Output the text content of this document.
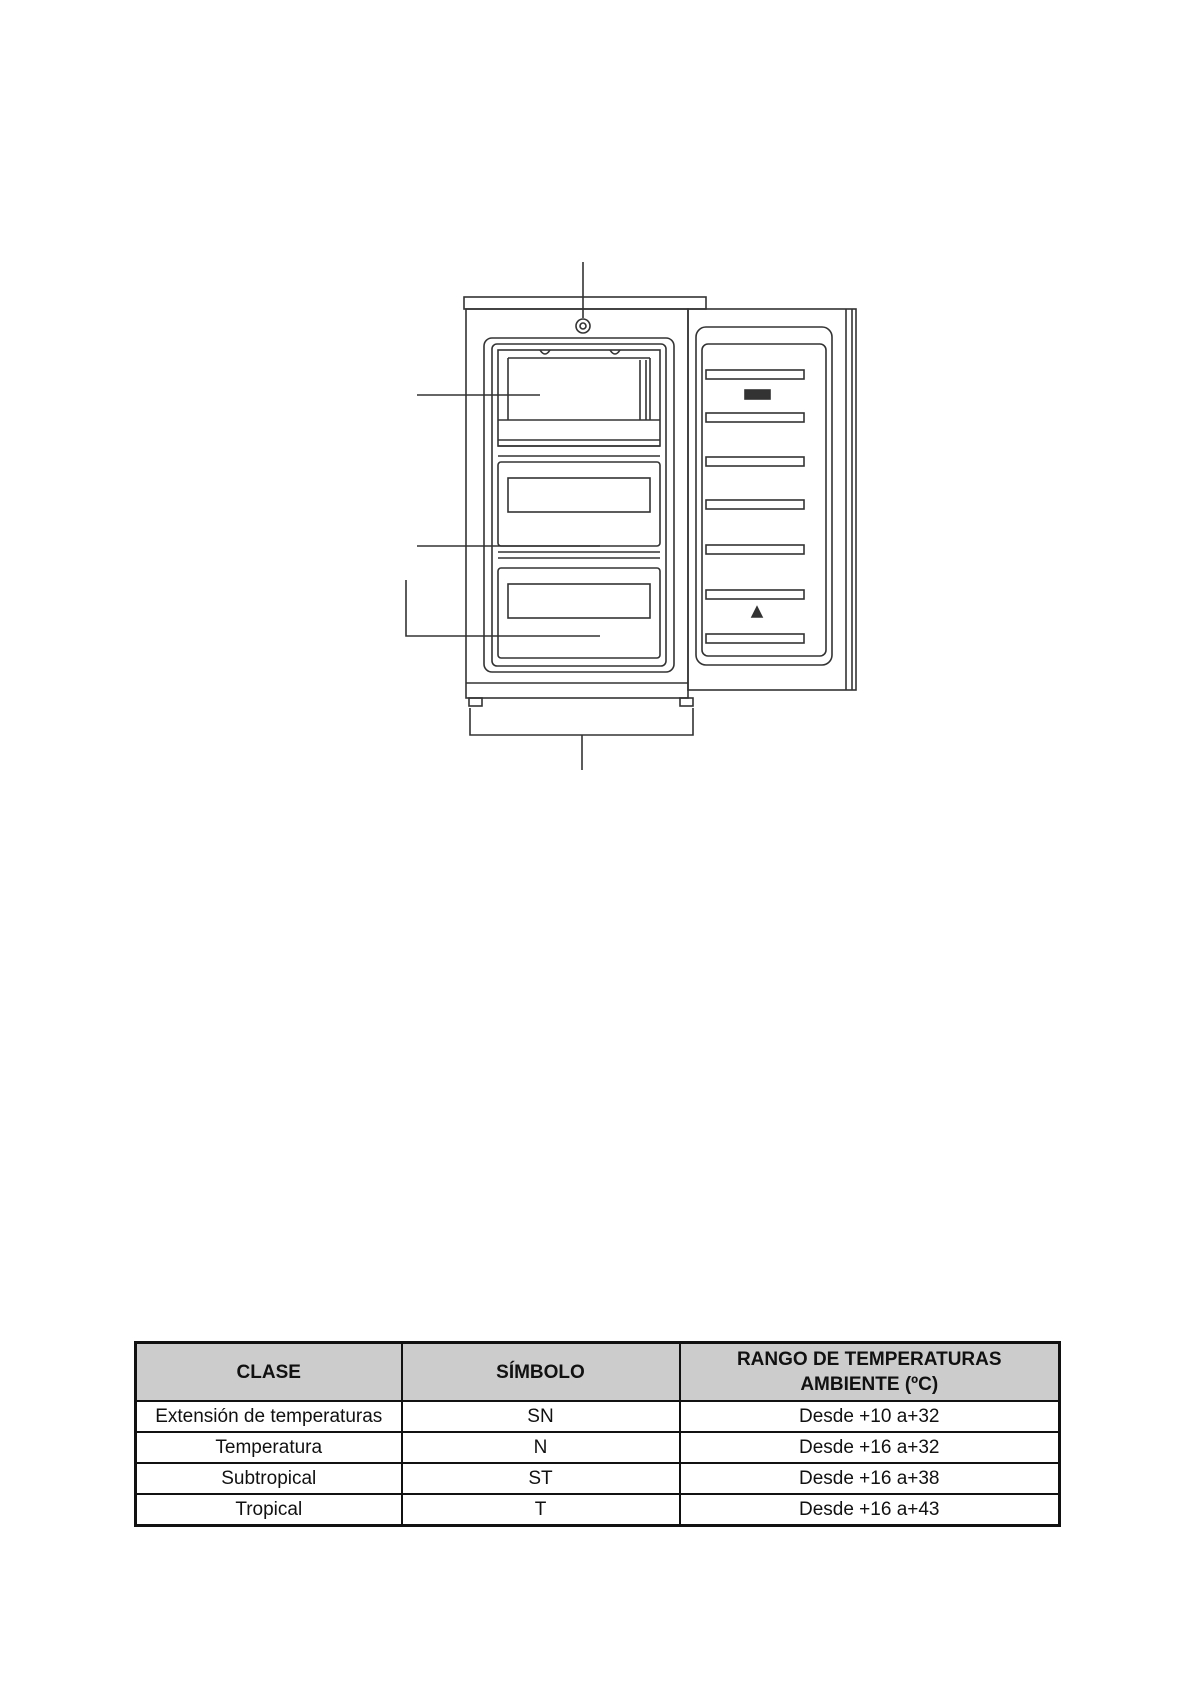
CLASE	SÍMBOLO	RANGO DE TEMPERATURAS
AMBIENTE (ºC)
Extensión de temperaturas	SN	Desde +10 a+32
Temperatura	N	Desde +16 a+32
Subtropical	ST	Desde +16 a+38
Tropical	T	Desde +16 a+43
